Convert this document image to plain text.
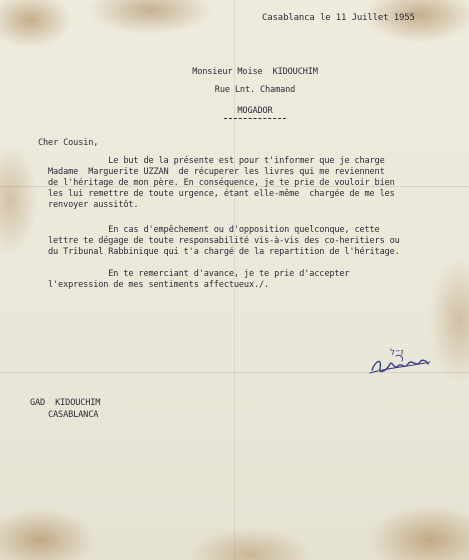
Casablanca le 11 Juillet 1955
Monsieur Moise  KIDOUCHIM
Rue Lnt. Chamand
MOGADOR
Cher Cousin,
Le but de la présente est pour t'informer que je charge
Madame  Marguerite UZZAN  de récuperer les livres qui me reviennent
de l'héritage de mon père. En conséquence, je te prie de vouloir bien
les lui remettre de toute urgence, étant elle-même  chargée de me les
renvoyer aussitôt.
En cas d'empêchement ou d'opposition quelconque, cette
lettre te dégage de toute responsabilité vis-à-vis des co-heritiers ou
du Tribunal Rabbinique qui t'a chargé de la repartition de l'héritage.
En te remerciant d'avance, je te prie d'accepter
l'expression de mes sentiments affectueux./.
ז״ל
GAD  KIDOUCHIM
CASABLANCA
